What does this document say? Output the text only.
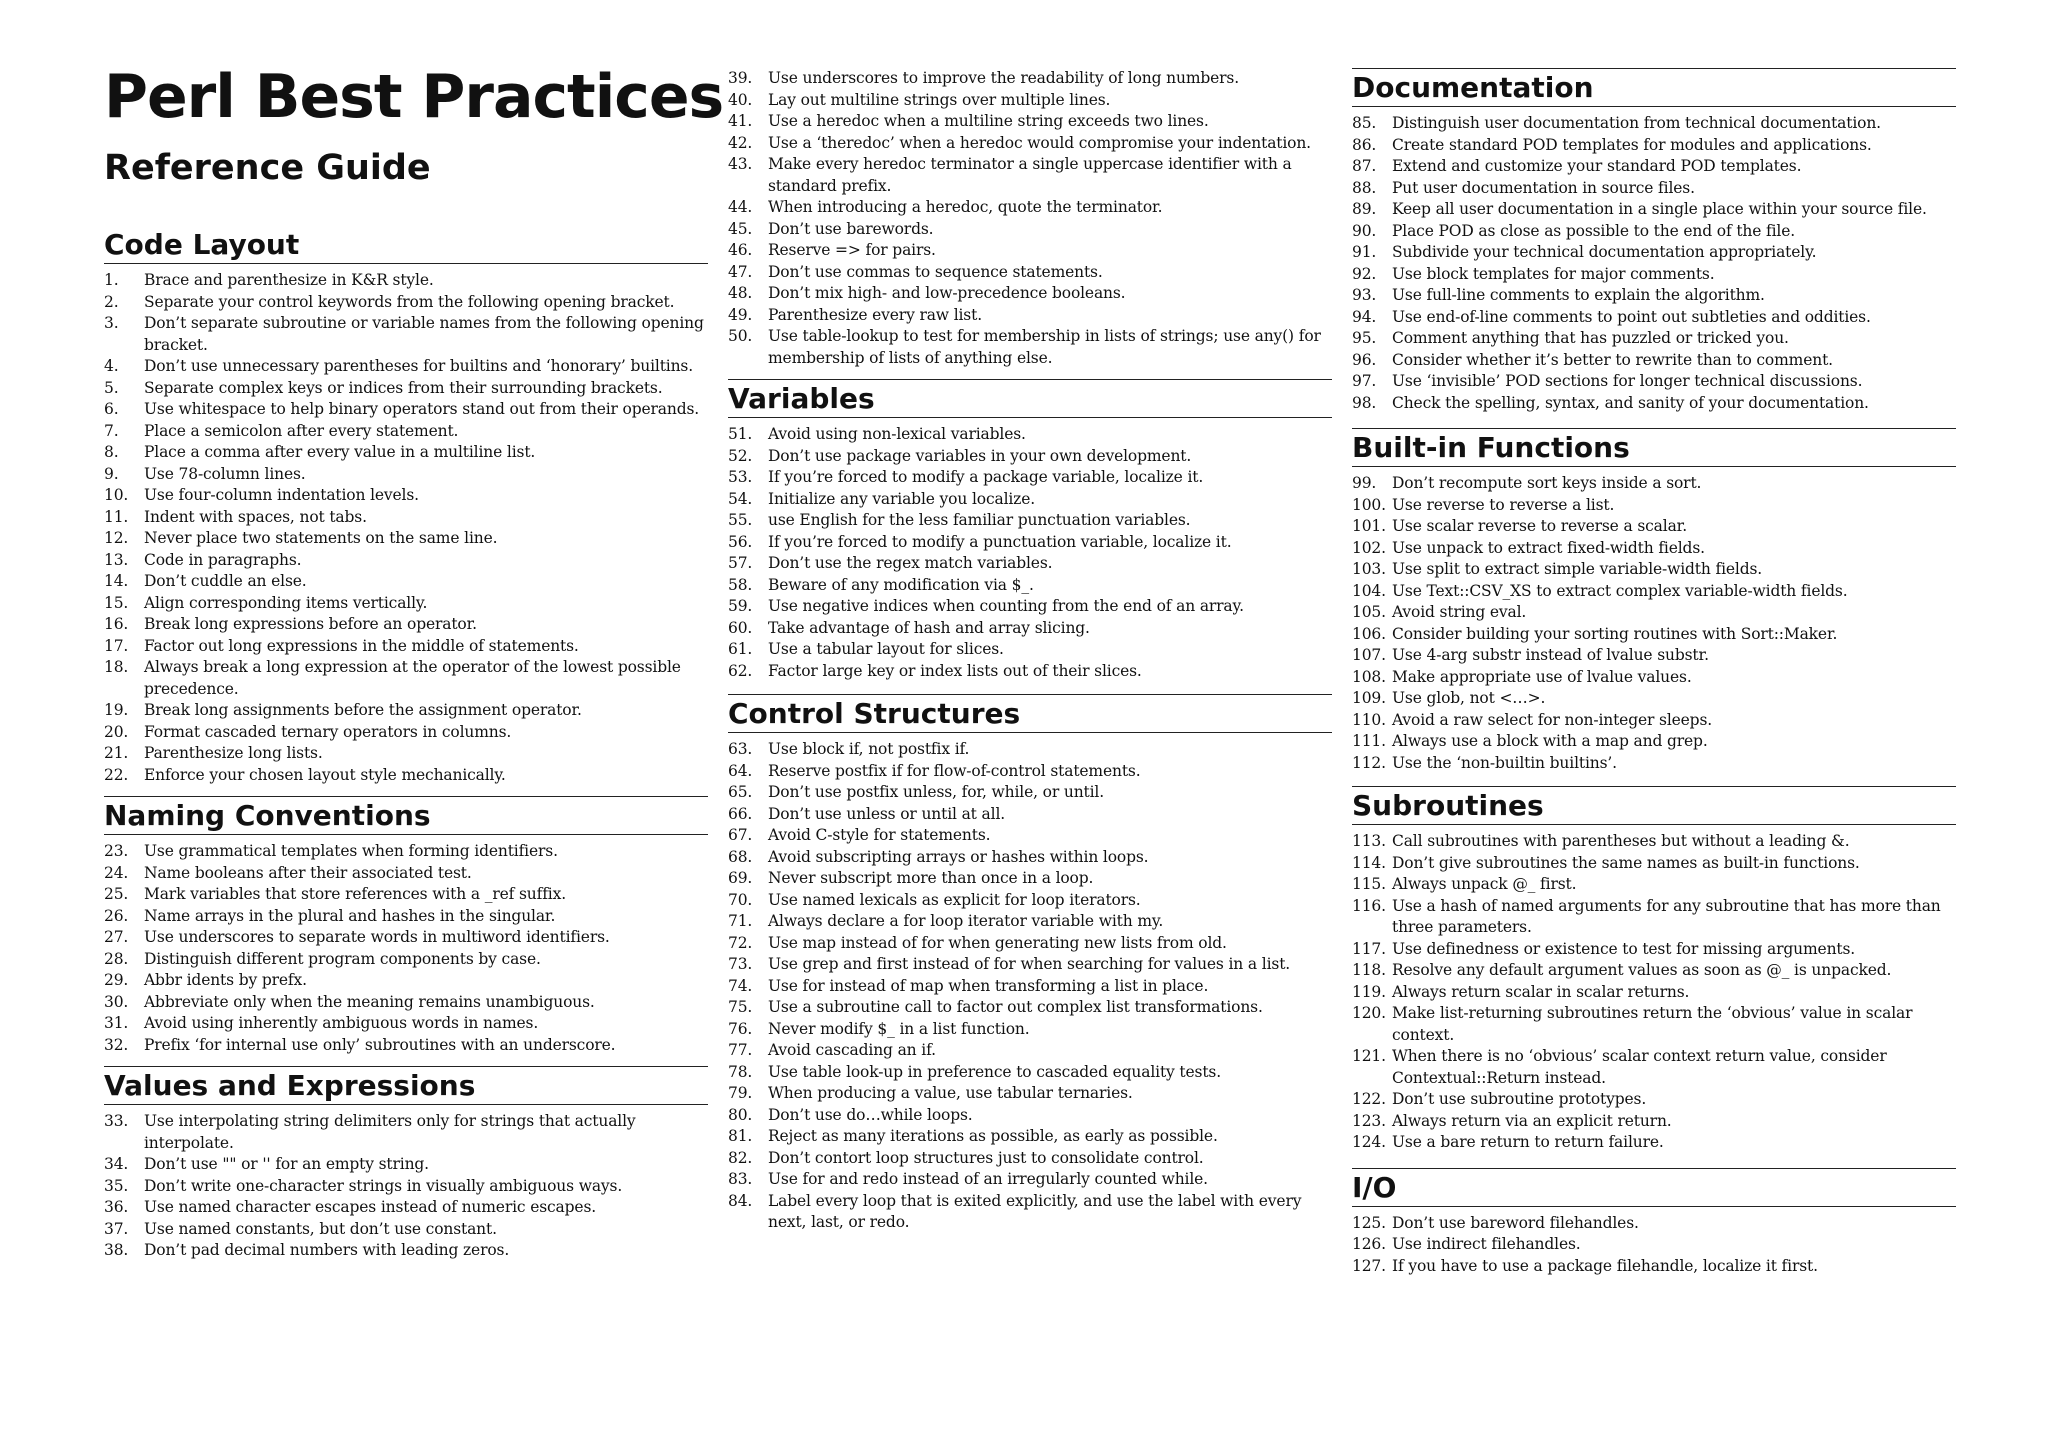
Perl Best Practices
Reference Guide
Code Layout
1.	Brace and parenthesize in K&R style.
2.	Separate your control keywords from the following opening bracket.
3.	Don’t separate subroutine or variable names from the following opening bracket.
4.	Don’t use unnecessary parentheses for builtins and ‘honorary’ builtins.
5.	Separate complex keys or indices from their surrounding brackets.
6.	Use whitespace to help binary operators stand out from their operands.
7.	Place a semicolon after every statement.
8.	Place a comma after every value in a multiline list.
9.	Use 78-column lines.
10.	Use four-column indentation levels.
11.	Indent with spaces, not tabs.
12.	Never place two statements on the same line.
13.	Code in paragraphs.
14.	Don’t cuddle an else.
15.	Align corresponding items vertically.
16.	Break long expressions before an operator.
17.	Factor out long expressions in the middle of statements.
18.	Always break a long expression at the operator of the lowest possible precedence.
19.	Break long assignments before the assignment operator.
20.	Format cascaded ternary operators in columns.
21.	Parenthesize long lists.
22.	Enforce your chosen layout style mechanically.
Naming Conventions
23.	Use grammatical templates when forming identifiers.
24.	Name booleans after their associated test.
25.	Mark variables that store references with a _ref suffix.
26.	Name arrays in the plural and hashes in the singular.
27.	Use underscores to separate words in multiword identifiers.
28.	Distinguish different program components by case.
29.	Abbr idents by prefx.
30.	Abbreviate only when the meaning remains unambiguous.
31.	Avoid using inherently ambiguous words in names.
32.	Prefix ‘for internal use only’ subroutines with an underscore.
Values and Expressions
33.	Use interpolating string delimiters only for strings that actually interpolate.
34.	Don’t use "" or '' for an empty string.
35.	Don’t write one-character strings in visually ambiguous ways.
36.	Use named character escapes instead of numeric escapes.
37.	Use named constants, but don’t use constant.
38.	Don’t pad decimal numbers with leading zeros.
39.	Use underscores to improve the readability of long numbers.
40.	Lay out multiline strings over multiple lines.
41.	Use a heredoc when a multiline string exceeds two lines.
42.	Use a ‘theredoc’ when a heredoc would compromise your indentation.
43.	Make every heredoc terminator a single uppercase identifier with a standard prefix.
44.	When introducing a heredoc, quote the terminator.
45.	Don’t use barewords.
46.	Reserve => for pairs.
47.	Don’t use commas to sequence statements.
48.	Don’t mix high- and low-precedence booleans.
49.	Parenthesize every raw list.
50.	Use table-lookup to test for membership in lists of strings; use any() for membership of lists of anything else.
Variables
51.	Avoid using non-lexical variables.
52.	Don’t use package variables in your own development.
53.	If you’re forced to modify a package variable, localize it.
54.	Initialize any variable you localize.
55.	use English for the less familiar punctuation variables.
56.	If you’re forced to modify a punctuation variable, localize it.
57.	Don’t use the regex match variables.
58.	Beware of any modification via $_.
59.	Use negative indices when counting from the end of an array.
60.	Take advantage of hash and array slicing.
61.	Use a tabular layout for slices.
62.	Factor large key or index lists out of their slices.
Control Structures
63.	Use block if, not postfix if.
64.	Reserve postfix if for flow-of-control statements.
65.	Don’t use postfix unless, for, while, or until.
66.	Don’t use unless or until at all.
67.	Avoid C-style for statements.
68.	Avoid subscripting arrays or hashes within loops.
69.	Never subscript more than once in a loop.
70.	Use named lexicals as explicit for loop iterators.
71.	Always declare a for loop iterator variable with my.
72.	Use map instead of for when generating new lists from old.
73.	Use grep and first instead of for when searching for values in a list.
74.	Use for instead of map when transforming a list in place.
75.	Use a subroutine call to factor out complex list transformations.
76.	Never modify $_ in a list function.
77.	Avoid cascading an if.
78.	Use table look-up in preference to cascaded equality tests.
79.	When producing a value, use tabular ternaries.
80.	Don’t use do…while loops.
81.	Reject as many iterations as possible, as early as possible.
82.	Don’t contort loop structures just to consolidate control.
83.	Use for and redo instead of an irregularly counted while.
84.	Label every loop that is exited explicitly, and use the label with every next, last, or redo.
Documentation
85.	Distinguish user documentation from technical documentation.
86.	Create standard POD templates for modules and applications.
87.	Extend and customize your standard POD templates.
88.	Put user documentation in source files.
89.	Keep all user documentation in a single place within your source file.
90.	Place POD as close as possible to the end of the file.
91.	Subdivide your technical documentation appropriately.
92.	Use block templates for major comments.
93.	Use full-line comments to explain the algorithm.
94.	Use end-of-line comments to point out subtleties and oddities.
95.	Comment anything that has puzzled or tricked you.
96.	Consider whether it’s better to rewrite than to comment.
97.	Use ‘invisible’ POD sections for longer technical discussions.
98.	Check the spelling, syntax, and sanity of your documentation.
Built-in Functions
99.	Don’t recompute sort keys inside a sort.
100. Use reverse to reverse a list.
101. Use scalar reverse to reverse a scalar.
102. Use unpack to extract fixed-width fields.
103. Use split to extract simple variable-width fields.
104. Use Text::CSV_XS to extract complex variable-width fields.
105. Avoid string eval.
106. Consider building your sorting routines with Sort::Maker.
107. Use 4-arg substr instead of lvalue substr.
108. Make appropriate use of lvalue values.
109. Use glob, not <…>.
110. Avoid a raw select for non-integer sleeps.
111. Always use a block with a map and grep.
112. Use the ‘non-builtin builtins’.
Subroutines
113. Call subroutines with parentheses but without a leading &.
114. Don’t give subroutines the same names as built-in functions.
115. Always unpack @_ first.
116. Use a hash of named arguments for any subroutine that has more than three parameters.
117. Use definedness or existence to test for missing arguments.
118. Resolve any default argument values as soon as @_ is unpacked.
119. Always return scalar in scalar returns.
120. Make list-returning subroutines return the ‘obvious’ value in scalar context.
121. When there is no ‘obvious’ scalar context return value, consider Contextual::Return instead.
122. Don’t use subroutine prototypes.
123. Always return via an explicit return.
124. Use a bare return to return failure.
I/O
125. Don’t use bareword filehandles.
126. Use indirect filehandles.
127. If you have to use a package filehandle, localize it first.
